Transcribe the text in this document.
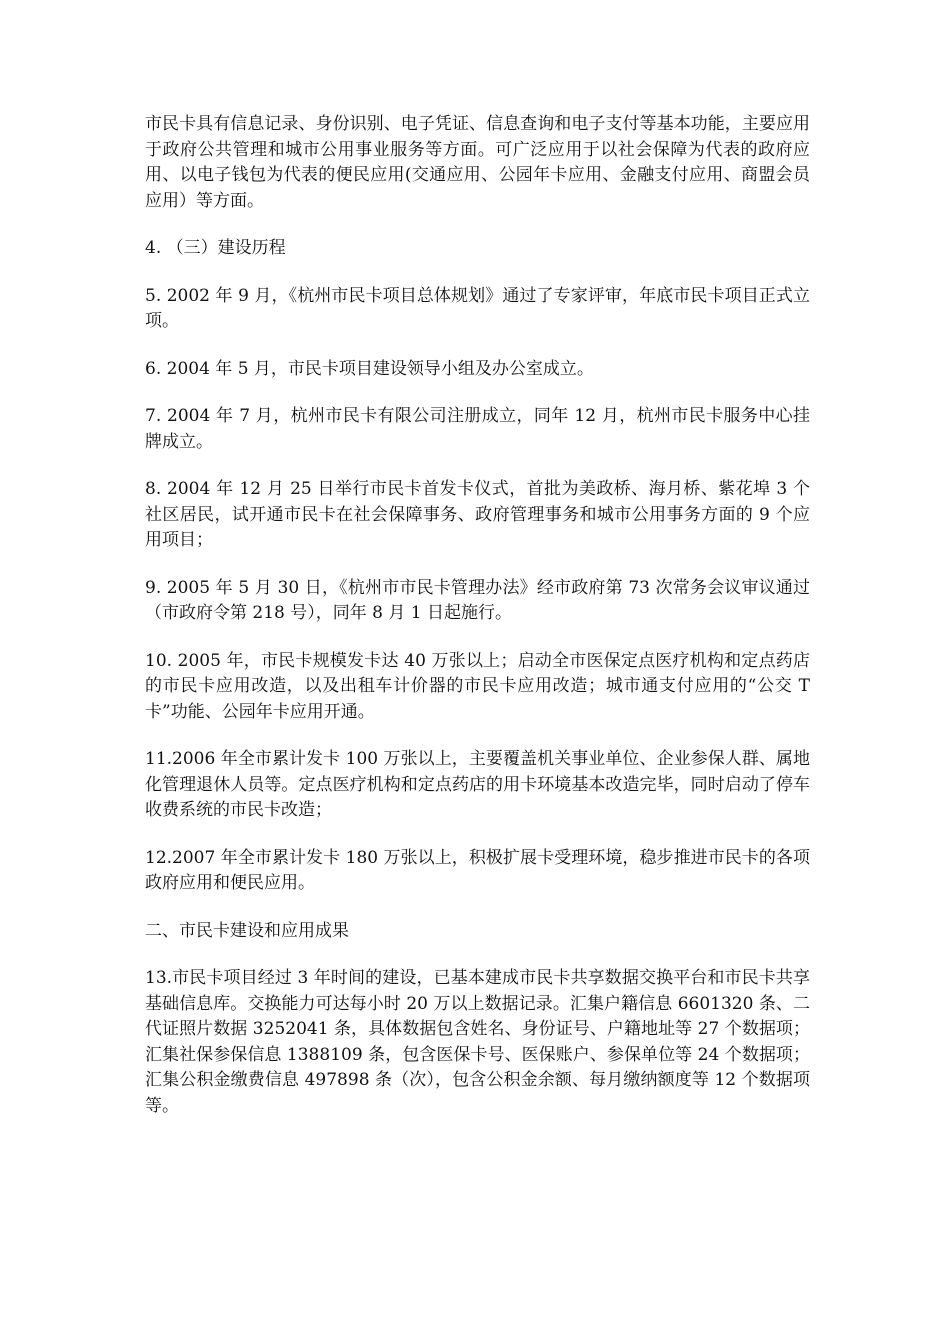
市民卡具有信息记录、身份识别、电子凭证、信息查询和电子支付等基本功能，主要应用于政府公共管理和城市公用事业服务等方面。可广泛应用于以社会保障为代表的政府应用、以电子钱包为代表的便民应用(交通应用、公园年卡应用、金融支付应用、商盟会员应用）等方面。

4. （三）建设历程

5. 2002 年 9 月，《杭州市民卡项目总体规划》通过了专家评审，年底市民卡项目正式立项。

6. 2004 年 5 月，市民卡项目建设领导小组及办公室成立。

7. 2004 年 7 月，杭州市民卡有限公司注册成立，同年 12 月，杭州市民卡服务中心挂牌成立。

8. 2004 年 12 月 25 日举行市民卡首发卡仪式，首批为美政桥、海月桥、紫花埠 3 个社区居民，试开通市民卡在社会保障事务、政府管理事务和城市公用事务方面的 9 个应用项目；

9. 2005 年 5 月 30 日，《杭州市市民卡管理办法》经市政府第 73 次常务会议审议通过（市政府令第 218 号），同年 8 月 1 日起施行。

10. 2005 年，市民卡规模发卡达 40 万张以上；启动全市医保定点医疗机构和定点药店的市民卡应用改造，以及出租车计价器的市民卡应用改造；城市通支付应用的“公交 T 卡”功能、公园年卡应用开通。

11.2006 年全市累计发卡 100 万张以上，主要覆盖机关事业单位、企业参保人群、属地化管理退休人员等。定点医疗机构和定点药店的用卡环境基本改造完毕，同时启动了停车收费系统的市民卡改造；

12.2007 年全市累计发卡 180 万张以上，积极扩展卡受理环境，稳步推进市民卡的各项政府应用和便民应用。

二、市民卡建设和应用成果

13.市民卡项目经过 3 年时间的建设，已基本建成市民卡共享数据交换平台和市民卡共享基础信息库。交换能力可达每小时 20 万以上数据记录。汇集户籍信息 6601320 条、二代证照片数据 3252041 条，具体数据包含姓名、身份证号、户籍地址等 27 个数据项；汇集社保参保信息 1388109 条，包含医保卡号、医保账户、参保单位等 24 个数据项； 汇集公积金缴费信息 497898 条（次），包含公积金余额、每月缴纳额度等 12 个数据项等。
